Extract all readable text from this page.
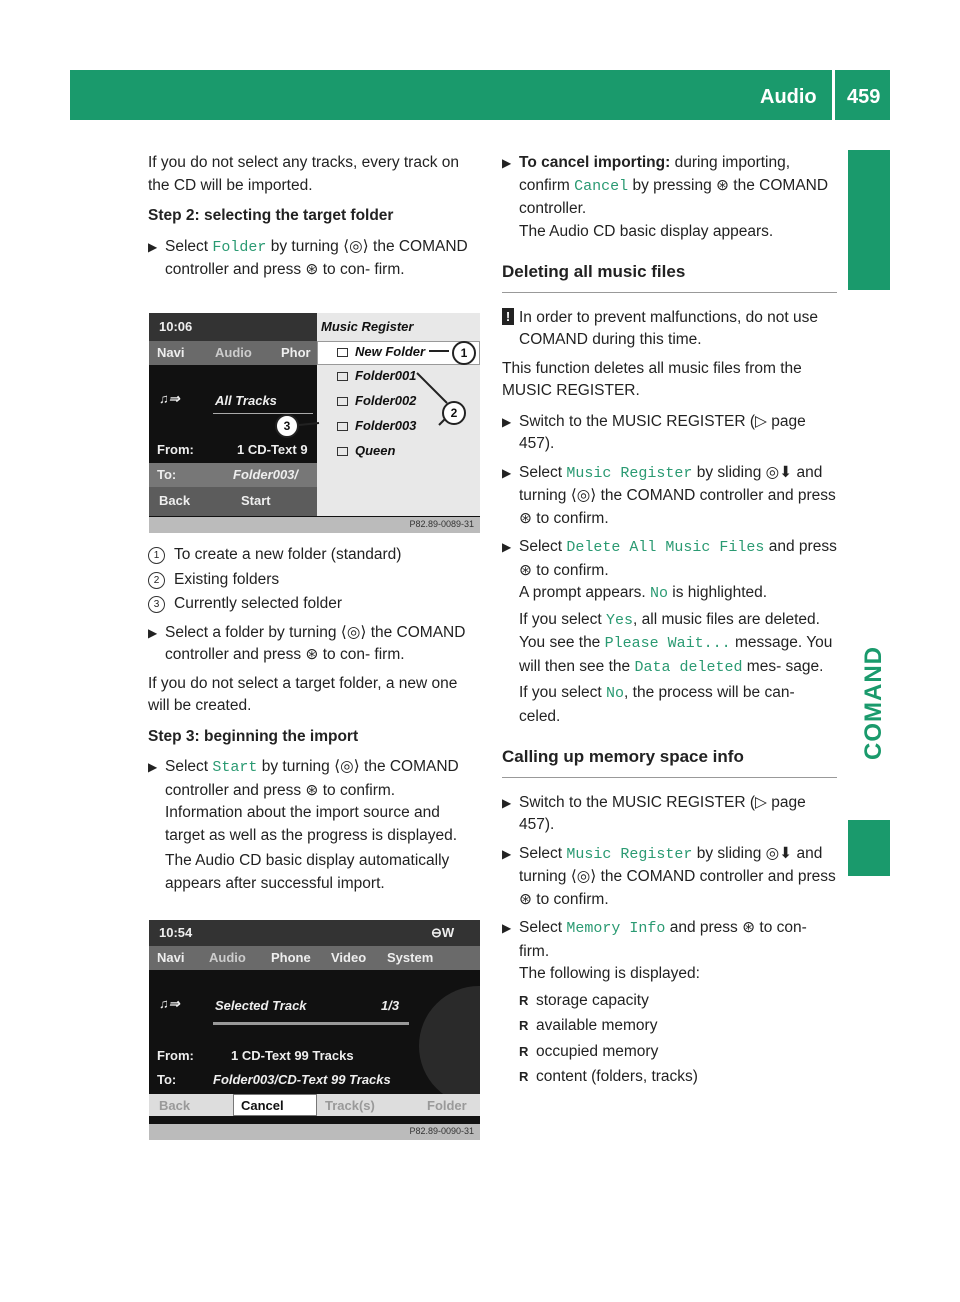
Audio 459
COMAND

If you do not select any tracks, every track on the CD will be imported.

Step 2: selecting the target folder

▶ Select Folder by turning ⟨◎⟩ the COMAND controller and press ⊛ to con- firm.
10:06
Navi Audio Phor
♫⇒	All Tracks
From:	1 CD-Text 9
To:	Folder003/
Back	Start
Music Register
New Folder
Folder001
Folder002
Folder003
Queen
1
2
3
P82.89-0089-31
1 To create a new folder (standard)
2 Existing folders
3 Currently selected folder
▶ Select a folder by turning ⟨◎⟩ the COMAND controller and press ⊛ to con- firm.

If you do not select a target folder, a new one will be created.

Step 3: beginning the import

▶ Select Start by turning ⟨◎⟩ the COMAND controller and press ⊛ to confirm.
Information about the import source and target as well as the progress is displayed.
The Audio CD basic display automatically appears after successful import.
10:54	⊖W
Navi Audio Phone Video System
♫⇒	Selected Track	1/3
From:	1 CD-Text 99 Tracks
To:	Folder003/CD-Text 99 Tracks
Back	Cancel	Track(s)	Folder
P82.89-0090-31
▶ To cancel importing: during importing, confirm Cancel by pressing ⊛ the COMAND controller.
The Audio CD basic display appears.
Deleting all music files
! In order to prevent malfunctions, do not use COMAND during this time.

This function deletes all music files from the MUSIC REGISTER.

▶ Switch to the MUSIC REGISTER (▷ page 457).
▶ Select Music Register by sliding ◎⬇ and turning ⟨◎⟩ the COMAND controller and press ⊛ to confirm.
▶ Select Delete All Music Files and press ⊛ to confirm.
A prompt appears. No is highlighted.
If you select Yes, all music files are deleted. You see the Please Wait... message. You will then see the Data deleted mes- sage.
If you select No, the process will be can- celed.
Calling up memory space info
▶ Switch to the MUSIC REGISTER (▷ page 457).
▶ Select Music Register by sliding ◎⬇ and turning ⟨◎⟩ the COMAND controller and press ⊛ to confirm.
▶ Select Memory Info and press ⊛ to con- firm.
The following is displayed:
R storage capacity
R available memory
R occupied memory
R content (folders, tracks)
